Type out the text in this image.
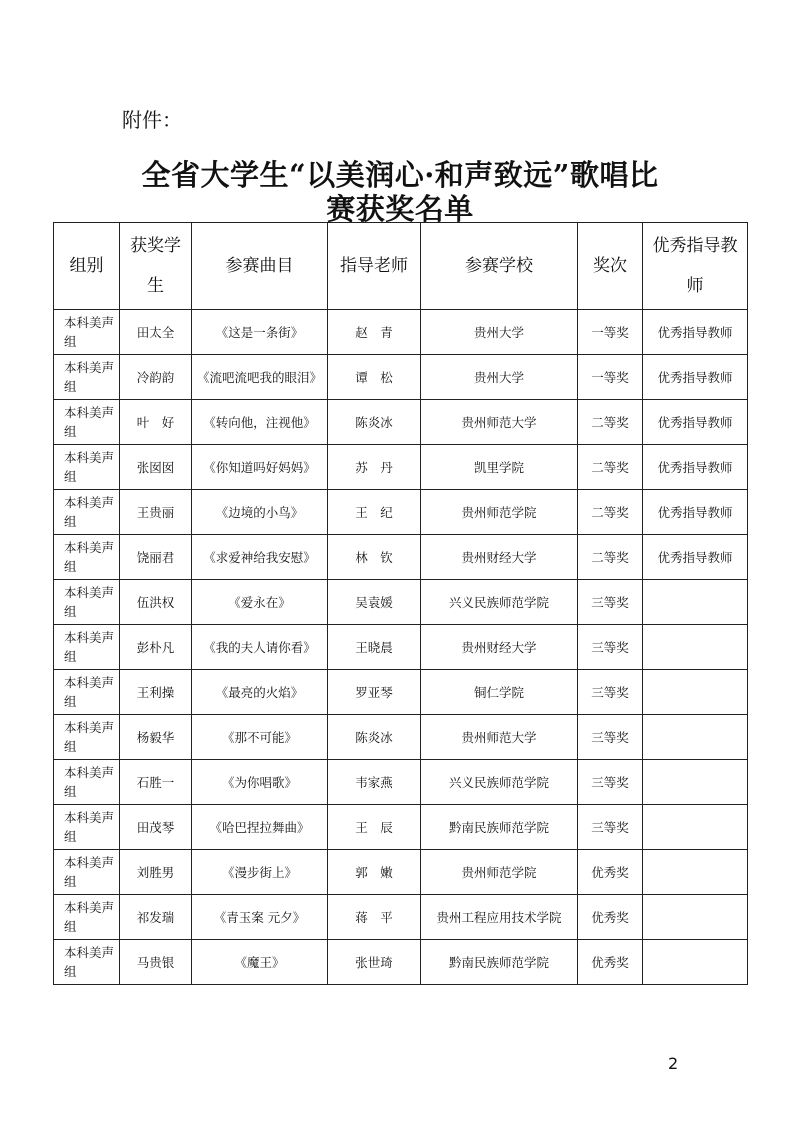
附件：
全省大学生“以美润心·和声致远”歌唱比
赛获奖名单
组别	获奖学生	参赛曲目	指导老师	参赛学校	奖次	优秀指导教师
本科美声组	田太全	《这是一条街》	赵　青	贵州大学	一等奖	优秀指导教师
本科美声组	冷韵韵	《流吧流吧我的眼泪》	谭　松	贵州大学	一等奖	优秀指导教师
本科美声组	叶　好	《转向他，注视他》	陈炎冰	贵州师范大学	二等奖	优秀指导教师
本科美声组	张囡囡	《你知道吗好妈妈》	苏　丹	凯里学院	二等奖	优秀指导教师
本科美声组	王贵丽	《边境的小鸟》	王　纪	贵州师范学院	二等奖	优秀指导教师
本科美声组	饶丽君	《求爱神给我安慰》	林　钦	贵州财经大学	二等奖	优秀指导教师
本科美声组	伍洪权	《爱永在》	吴袁媛	兴义民族师范学院	三等奖	
本科美声组	彭朴凡	《我的夫人请你看》	王晓晨	贵州财经大学	三等奖	
本科美声组	王利操	《最亮的火焰》	罗亚琴	铜仁学院	三等奖	
本科美声组	杨毅华	《那不可能》	陈炎冰	贵州师范大学	三等奖	
本科美声组	石胜一	《为你唱歌》	韦家燕	兴义民族师范学院	三等奖	
本科美声组	田茂琴	《哈巴捏拉舞曲》	王　辰	黔南民族师范学院	三等奖	
本科美声组	刘胜男	《漫步街上》	郭　嫩	贵州师范学院	优秀奖	
本科美声组	祁发瑞	《青玉案 元夕》	蒋　平	贵州工程应用技术学院	优秀奖	
本科美声组	马贵银	《魔王》	张世琦	黔南民族师范学院	优秀奖	
2
